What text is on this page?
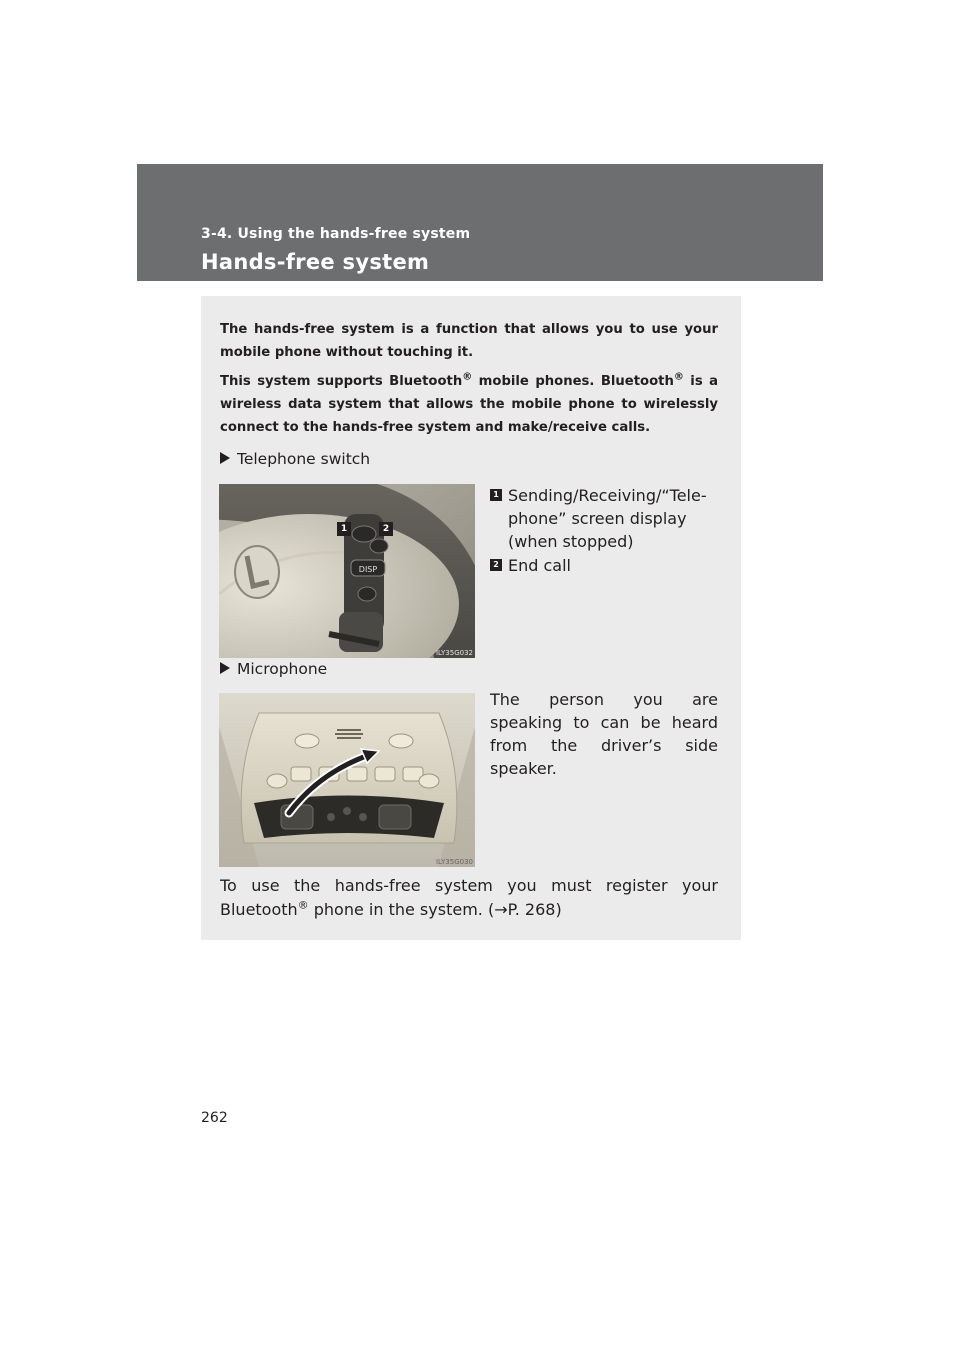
3-4. Using the hands-free system
Hands-free system

The hands-free system is a function that allows you to use your mobile phone without touching it.

This system supports Bluetooth® mobile phones. Bluetooth® is a wireless data system that allows the mobile phone to wirelessly connect to the hands-free system and make/receive calls.

Telephone switch
DISP
1	2
ILY35G032
1 Sending/Receiving/“Tele-phone” screen display (when stopped)
2 End call
Microphone
ILY35G030
The person you are speaking to can be heard from the driver’s side speaker.
To use the hands-free system you must register your Bluetooth® phone in the system. (→P. 268)
262
